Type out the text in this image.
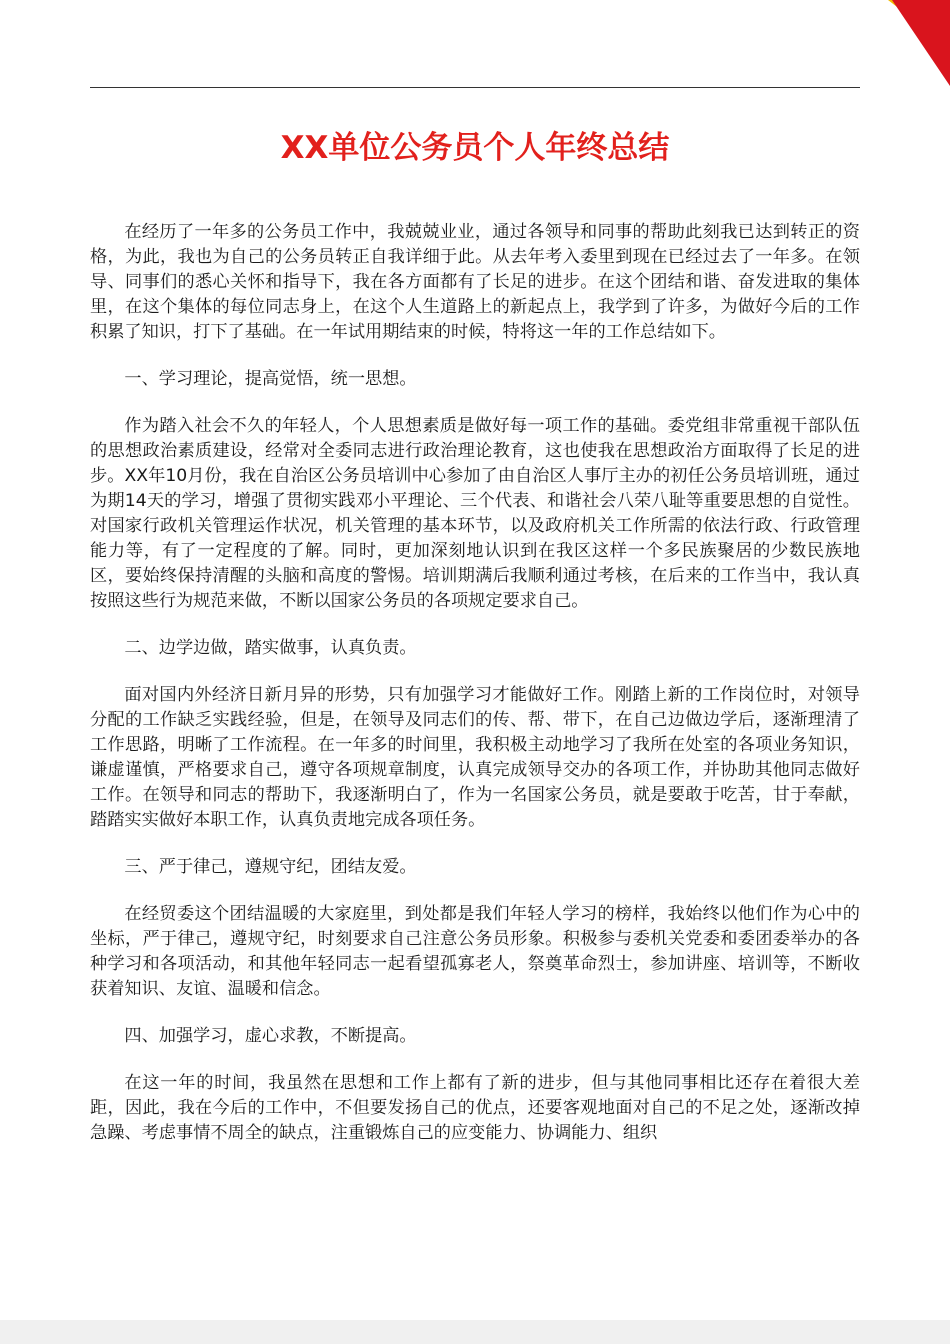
XX单位公务员个人年终总结

在经历了一年多的公务员工作中，我兢兢业业，通过各领导和同事的帮助此刻我已达到转正的资格，为此，我也为自己的公务员转正自我详细于此。从去年考入委里到现在已经过去了一年多。在领导、同事们的悉心关怀和指导下，我在各方面都有了长足的进步。在这个团结和谐、奋发进取的集体里，在这个集体的每位同志身上，在这个人生道路上的新起点上，我学到了许多，为做好今后的工作积累了知识，打下了基础。在一年试用期结束的时候，特将这一年的工作总结如下。

一、学习理论，提高觉悟，统一思想。

作为踏入社会不久的年轻人，个人思想素质是做好每一项工作的基础。委党组非常重视干部队伍的思想政治素质建设，经常对全委同志进行政治理论教育，这也使我在思想政治方面取得了长足的进步。XX年10月份，我在自治区公务员培训中心参加了由自治区人事厅主办的初任公务员培训班，通过为期14天的学习，增强了贯彻实践邓小平理论、三个代表、和谐社会八荣八耻等重要思想的自觉性。对国家行政机关管理运作状况，机关管理的基本环节，以及政府机关工作所需的依法行政、行政管理能力等，有了一定程度的了解。同时，更加深刻地认识到在我区这样一个多民族聚居的少数民族地区，要始终保持清醒的头脑和高度的警惕。培训期满后我顺利通过考核，在后来的工作当中，我认真按照这些行为规范来做，不断以国家公务员的各项规定要求自己。

二、边学边做，踏实做事，认真负责。

面对国内外经济日新月异的形势，只有加强学习才能做好工作。刚踏上新的工作岗位时，对领导分配的工作缺乏实践经验，但是，在领导及同志们的传、帮、带下，在自己边做边学后，逐渐理清了工作思路，明晰了工作流程。在一年多的时间里，我积极主动地学习了我所在处室的各项业务知识，谦虚谨慎，严格要求自己，遵守各项规章制度，认真完成领导交办的各项工作，并协助其他同志做好工作。在领导和同志的帮助下，我逐渐明白了，作为一名国家公务员，就是要敢于吃苦，甘于奉献，踏踏实实做好本职工作，认真负责地完成各项任务。

三、严于律己，遵规守纪，团结友爱。

在经贸委这个团结温暖的大家庭里，到处都是我们年轻人学习的榜样，我始终以他们作为心中的坐标，严于律己，遵规守纪，时刻要求自己注意公务员形象。积极参与委机关党委和委团委举办的各种学习和各项活动，和其他年轻同志一起看望孤寡老人，祭奠革命烈士，参加讲座、培训等，不断收获着知识、友谊、温暖和信念。

四、加强学习，虚心求教，不断提高。

在这一年的时间，我虽然在思想和工作上都有了新的进步，但与其他同事相比还存在着很大差距，因此，我在今后的工作中，不但要发扬自己的优点，还要客观地面对自己的不足之处，逐渐改掉急躁、考虑事情不周全的缺点，注重锻炼自己的应变能力、协调能力、组织
